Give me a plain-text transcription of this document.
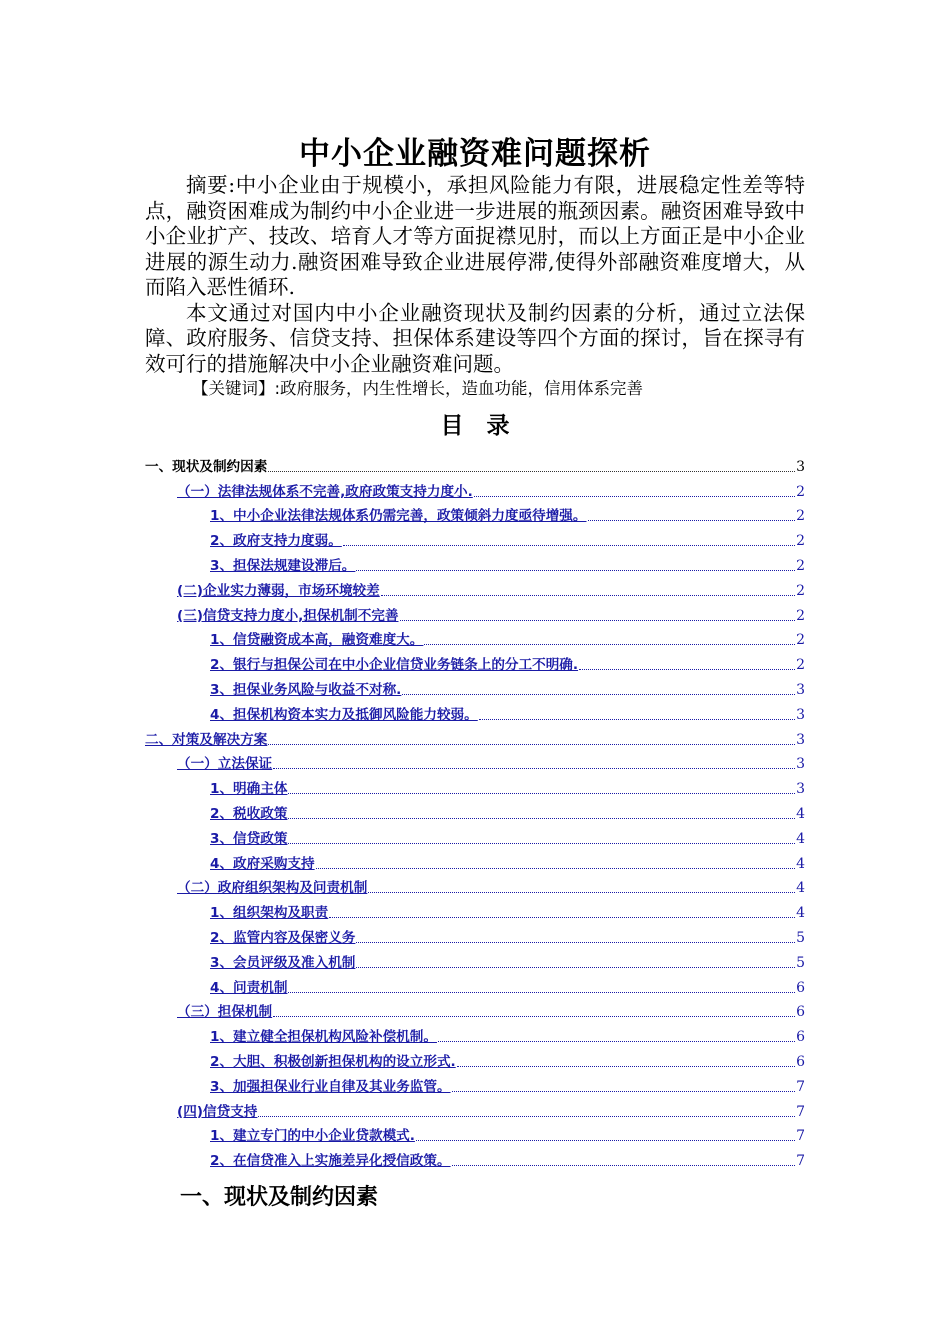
中小企业融资难问题探析

摘要:中小企业由于规模小，承担风险能力有限，进展稳定性差等特点，融资困难成为制约中小企业进一步进展的瓶颈因素。融资困难导致中小企业扩产、技改、培育人才等方面捉襟见肘，而以上方面正是中小企业进展的源生动力.融资困难导致企业进展停滞,使得外部融资难度增大，从而陷入恶性循环.

本文通过对国内中小企业融资现状及制约因素的分析，通过立法保障、政府服务、信贷支持、担保体系建设等四个方面的探讨，旨在探寻有效可行的措施解决中小企业融资难问题。

【关键词】:政府服务，内生性增长，造血功能，信用体系完善
目　录
一、现状及制约因素	3
（一）法律法规体系不完善,政府政策支持力度小.	2
1、中小企业法律法规体系仍需完善，政策倾斜力度亟待增强。	2
2、政府支持力度弱。	2
3、担保法规建设滞后。	2
(二)企业实力薄弱，市场环境较差	2
(三)信贷支持力度小,担保机制不完善	2
1、信贷融资成本高，融资难度大。	2
2、银行与担保公司在中小企业信贷业务链条上的分工不明确.	2
3、担保业务风险与收益不对称.	3
4、担保机构资本实力及抵御风险能力较弱。	3
二、对策及解决方案	3
（一）立法保证	3
1、明确主体	3
2、税收政策	4
3、信贷政策	4
4、政府采购支持	4
（二）政府组织架构及问责机制	4
1、组织架构及职责	4
2、监管内容及保密义务	5
3、会员评级及准入机制	5
4、问责机制	6
（三）担保机制	6
1、建立健全担保机构风险补偿机制。	6
2、大胆、积极创新担保机构的设立形式.	6
3、加强担保业行业自律及其业务监管。	7
(四)信贷支持	7
1、建立专门的中小企业贷款模式.	7
2、在信贷准入上实施差异化授信政策。	7
一、现状及制约因素
